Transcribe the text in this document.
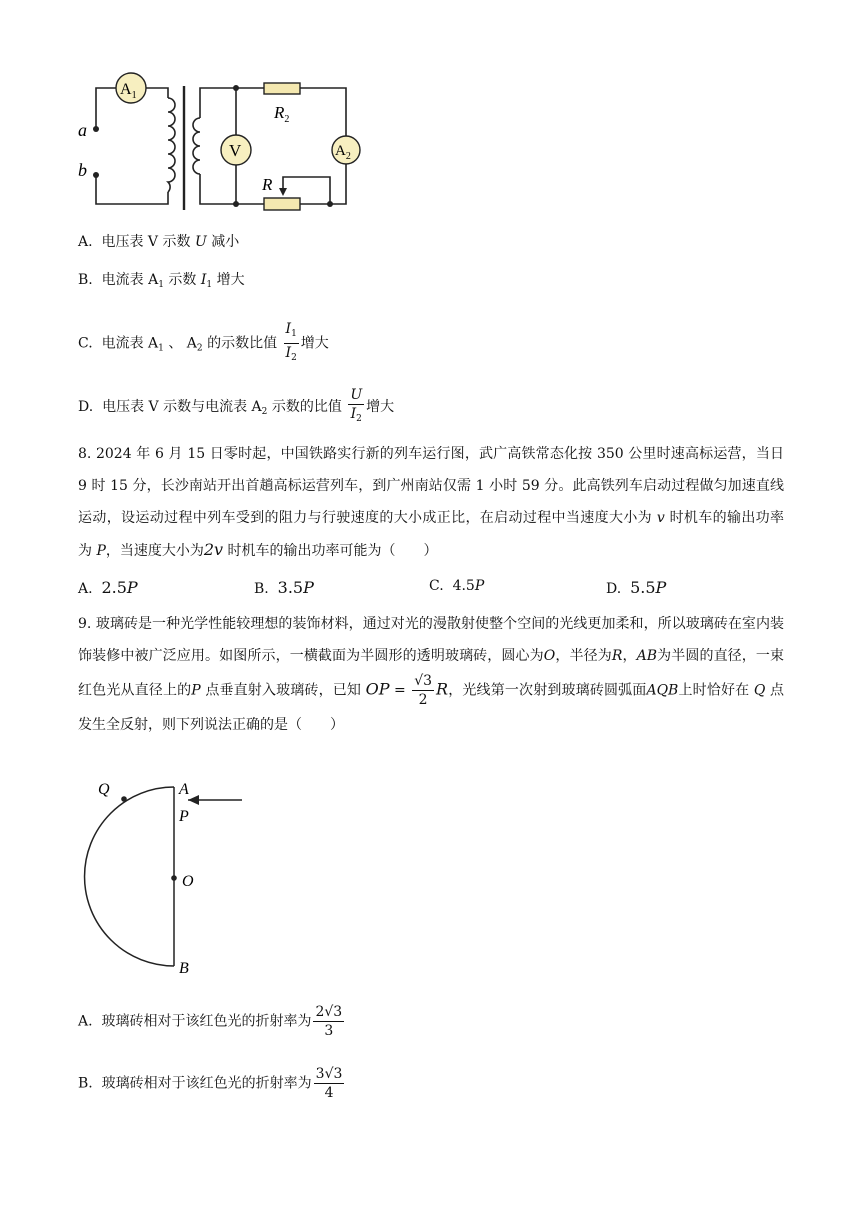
$A_1$
V	$A_2$
$R_2$
R
a
b
A. 电压表 V 示数 U 减小
B. 电流表 $A_1$ 示数 $I_1$ 增大
C. 电流表 $A_1$ 、 $A_2$ 的示数比值 $\frac{I_1}{I_2}$ 增大
D. 电压表 V 示数与电流表 $A_2$ 示数的比值 $\frac{U}{I_2}$ 增大
8. 2024 年 6 月 15 日零时起，中国铁路实行新的列车运行图，武广高铁常态化按 350 公里时速高标运营，当日 9 时 15 分，长沙南站开出首趟高标运营列车，到广州南站仅需 1 小时 59 分。此高铁列车启动过程做匀加速直线运动，设运动过程中列车受到的阻力与行驶速度的大小成正比，在启动过程中当速度大小为 v 时机车的输出功率为 P，当速度大小为2v 时机车的输出功率可能为（　　）
A. 2.5P	B. 3.5P	C. 4.5P	D. 5.5P
9. 玻璃砖是一种光学性能较理想的装饰材料，通过对光的漫散射使整个空间的光线更加柔和，所以玻璃砖在室内装饰装修中被广泛应用。如图所示，一横截面为半圆形的透明玻璃砖，圆心为O，半径为R，AB为半圆的直径，一束红色光从直径上的P 点垂直射入玻璃砖，已知 OP = $\frac{√3}{2}$ R，光线第一次射到玻璃砖圆弧面AQB上时恰好在 Q 点发生全反射，则下列说法正确的是（　　）
Q	A
P
O
B
A. 玻璃砖相对于该红色光的折射率为 $\frac{2√3}{3}$
B. 玻璃砖相对于该红色光的折射率为 $\frac{3√3}{4}$
